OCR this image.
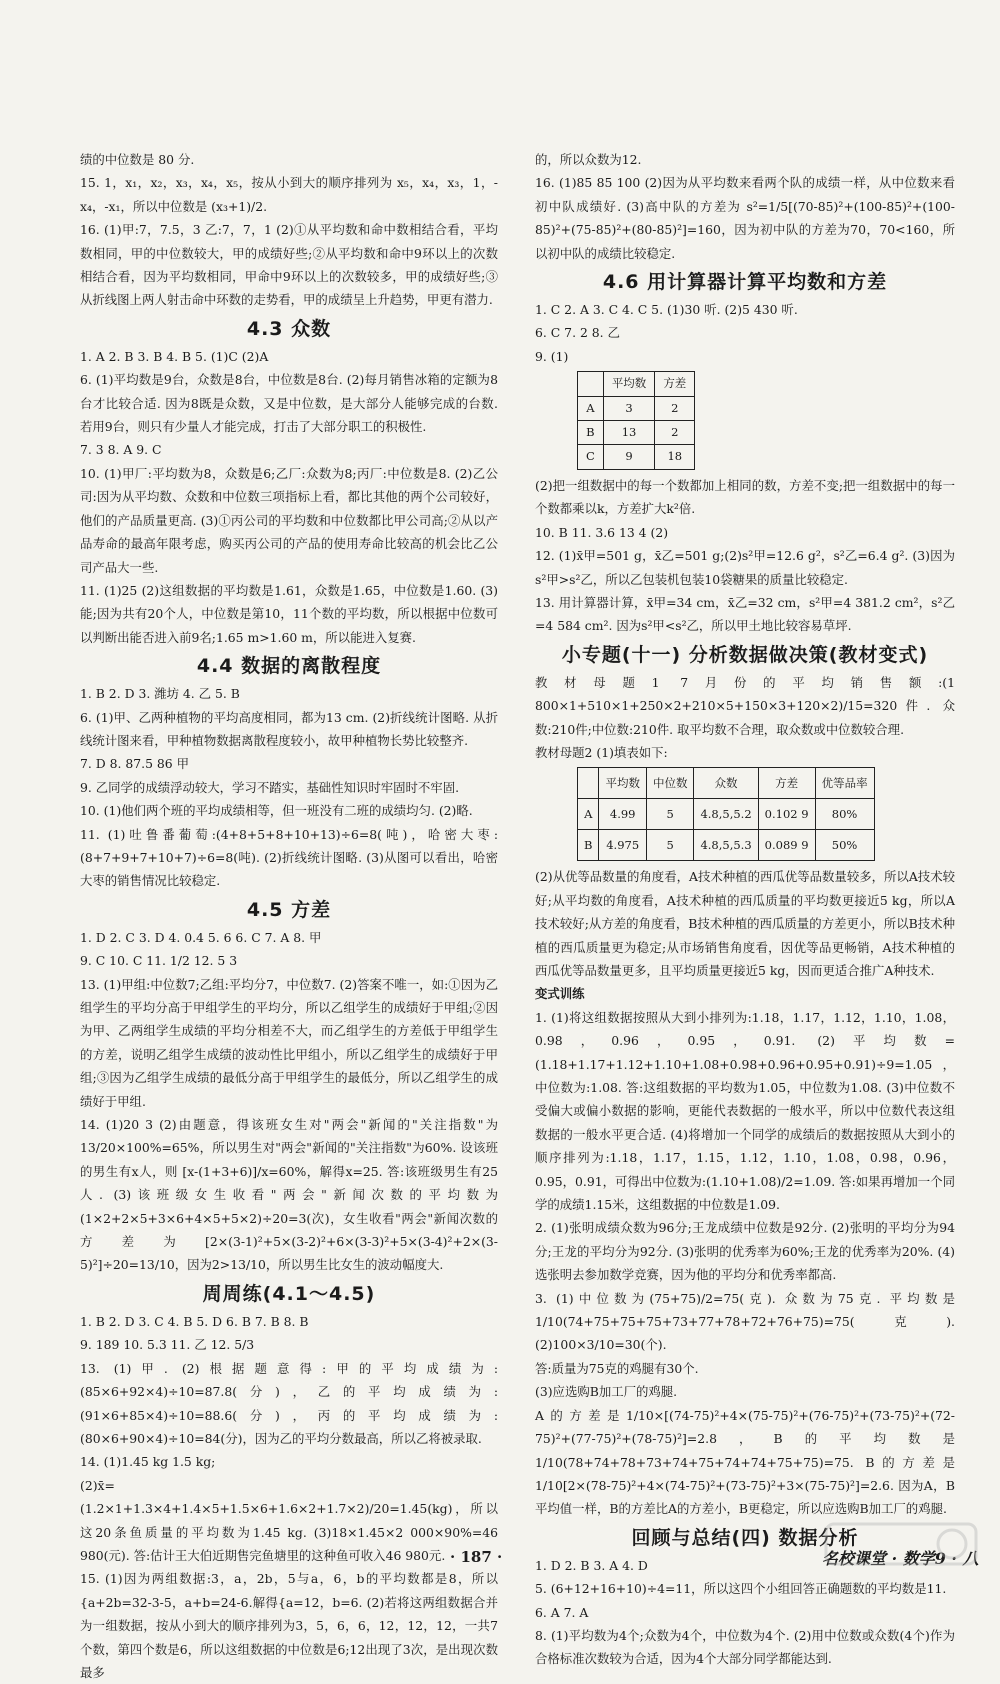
绩的中位数是 80 分.

15. 1，x₁，x₂，x₃，x₄，x₅，按从小到大的顺序排列为 x₅，x₄，x₃，1，-x₄，-x₁，所以中位数是 (x₃+1)/2.

16. (1)甲:7，7.5，3 乙:7，7，1 (2)①从平均数和命中数相结合看，平均数相同，甲的中位数较大，甲的成绩好些;②从平均数和命中9环以上的次数相结合看，因为平均数相同，甲命中9环以上的次数较多，甲的成绩好些;③从折线图上两人射击命中环数的走势看，甲的成绩呈上升趋势，甲更有潜力.

4.3 众数

1. A 2. B 3. B 4. B 5. (1)C (2)A

6. (1)平均数是9台，众数是8台，中位数是8台. (2)每月销售冰箱的定额为8台才比较合适. 因为8既是众数，又是中位数，是大部分人能够完成的台数. 若用9台，则只有少量人才能完成，打击了大部分职工的积极性.

7. 3 8. A 9. C

10. (1)甲厂:平均数为8，众数是6;乙厂:众数为8;丙厂:中位数是8. (2)乙公司:因为从平均数、众数和中位数三项指标上看，都比其他的两个公司较好，他们的产品质量更高. (3)①丙公司的平均数和中位数都比甲公司高;②从以产品寿命的最高年限考虑，购买丙公司的产品的使用寿命比较高的机会比乙公司产品大一些.

11. (1)25 (2)这组数据的平均数是1.61，众数是1.65，中位数是1.60. (3)能;因为共有20个人，中位数是第10，11个数的平均数，所以根据中位数可以判断出能否进入前9名;1.65 m>1.60 m，所以能进入复赛.

4.4 数据的离散程度

1. B 2. D 3. 潍坊 4. 乙 5. B

6. (1)甲、乙两种植物的平均高度相同，都为13 cm. (2)折线统计图略. 从折线统计图来看，甲种植物数据离散程度较小，故甲种植物长势比较整齐.

7. D 8. 87.5 86 甲

9. 乙同学的成绩浮动较大，学习不踏实，基础性知识时牢固时不牢固.

10. (1)他们两个班的平均成绩相等，但一班没有二班的成绩均匀. (2)略.

11. (1)吐鲁番葡萄:(4+8+5+8+10+13)÷6=8(吨)，哈密大枣:(8+7+9+7+10+7)÷6=8(吨). (2)折线统计图略. (3)从图可以看出，哈密大枣的销售情况比较稳定.

4.5 方差

1. D 2. C 3. D 4. 0.4 5. 6 6. C 7. A 8. 甲

9. C 10. C 11. 1/2 12. 5 3

13. (1)甲组:中位数7;乙组:平均分7，中位数7. (2)答案不唯一，如:①因为乙组学生的平均分高于甲组学生的平均分，所以乙组学生的成绩好于甲组;②因为甲、乙两组学生成绩的平均分相差不大，而乙组学生的方差低于甲组学生的方差，说明乙组学生成绩的波动性比甲组小，所以乙组学生的成绩好于甲组;③因为乙组学生成绩的最低分高于甲组学生的最低分，所以乙组学生的成绩好于甲组.

14. (1)20 3 (2)由题意，得该班女生对"两会"新闻的"关注指数"为13/20×100%=65%，所以男生对"两会"新闻的"关注指数"为60%. 设该班的男生有x人，则 [x-(1+3+6)]/x=60%，解得x=25. 答:该班级男生有25人. (3)该班级女生收看"两会"新闻次数的平均数为(1×2+2×5+3×6+4×5+5×2)÷20=3(次)，女生收看"两会"新闻次数的方差为[2×(3-1)²+5×(3-2)²+6×(3-3)²+5×(3-4)²+2×(3-5)²]÷20=13/10，因为2>13/10，所以男生比女生的波动幅度大.

周周练(4.1～4.5)

1. B 2. D 3. C 4. B 5. D 6. B 7. B 8. B

9. 189 10. 5.3 11. 乙 12. 5/3

13. (1)甲. (2)根据题意得:甲的平均成绩为:(85×6+92×4)÷10=87.8(分)，乙的平均成绩为:(91×6+85×4)÷10=88.6(分)，丙的平均成绩为:(80×6+90×4)÷10=84(分)，因为乙的平均分数最高，所以乙将被录取.

14. (1)1.45 kg 1.5 kg;

(2)x̄=(1.2×1+1.3×4+1.4×5+1.5×6+1.6×2+1.7×2)/20=1.45(kg)，所以这20条鱼质量的平均数为1.45 kg. (3)18×1.45×2 000×90%=46 980(元). 答:估计王大伯近期售完鱼塘里的这种鱼可收入46 980元.

15. (1)因为两组数据:3，a，2b，5与a，6，b的平均数都是8，所以{a+2b=32-3-5，a+b=24-6.解得{a=12，b=6. (2)若将这两组数据合并为一组数据，按从小到大的顺序排列为3，5，6，6，12，12，12，一共7个数，第四个数是6，所以这组数据的中位数是6;12出现了3次，是出现次数最多

的，所以众数为12.

16. (1)85 85 100 (2)因为从平均数来看两个队的成绩一样，从中位数来看初中队成绩好. (3)高中队的方差为 s²=1/5[(70-85)²+(100-85)²+(100-85)²+(75-85)²+(80-85)²]=160，因为初中队的方差为70，70<160，所以初中队的成绩比较稳定.

4.6 用计算器计算平均数和方差

1. C 2. A 3. C 4. C 5. (1)30 听. (2)5 430 听.

6. C 7. 2 8. 乙

9. (1)

	平均数	方差
A	3	2
B	13	2
C	9	18

(2)把一组数据中的每一个数都加上相同的数，方差不变;把一组数据中的每一个数都乘以k，方差扩大k²倍.

10. B 11. 3.6 13 4 (2)

12. (1)x̄甲=501 g，x̄乙=501 g;(2)s²甲=12.6 g²，s²乙=6.4 g². (3)因为s²甲>s²乙，所以乙包装机包装10袋糖果的质量比较稳定.

13. 用计算器计算，x̄甲=34 cm，x̄乙=32 cm，s²甲=4 381.2 cm²，s²乙=4 584 cm². 因为s²甲<s²乙，所以甲土地比较容易草坪.

小专题(十一) 分析数据做决策(教材变式)

教材母题1 7月份的平均销售额:(1 800×1+510×1+250×2+210×5+150×3+120×2)/15=320件. 众数:210件;中位数:210件. 取平均数不合理，取众数或中位数较合理.

教材母题2 (1)填表如下:

	平均数	中位数	众数	方差	优等品率
A	4.99	5	4.8,5,5.2	0.102 9	80%
B	4.975	5	4.8,5,5.3	0.089 9	50%

(2)从优等品数量的角度看，A技术种植的西瓜优等品数量较多，所以A技术较好;从平均数的角度看，A技术种植的西瓜质量的平均数更接近5 kg，所以A技术较好;从方差的角度看，B技术种植的西瓜质量的方差更小，所以B技术种植的西瓜质量更为稳定;从市场销售角度看，因优等品更畅销，A技术种植的西瓜优等品数量更多，且平均质量更接近5 kg，因而更适合推广A种技术.

变式训练

1. (1)将这组数据按照从大到小排列为:1.18，1.17，1.12，1.10，1.08，0.98，0.96，0.95，0.91. (2)平均数=(1.18+1.17+1.12+1.10+1.08+0.98+0.96+0.95+0.91)÷9=1.05，中位数为:1.08. 答:这组数据的平均数为1.05，中位数为1.08. (3)中位数不受偏大或偏小数据的影响，更能代表数据的一般水平，所以中位数代表这组数据的一般水平更合适. (4)将增加一个同学的成绩后的数据按照从大到小的顺序排列为:1.18，1.17，1.15，1.12，1.10，1.08，0.98，0.96，0.95，0.91，可得出中位数为:(1.10+1.08)/2=1.09. 答:如果再增加一个同学的成绩1.15米，这组数据的中位数是1.09.

2. (1)张明成绩众数为96分;王龙成绩中位数是92分. (2)张明的平均分为94分;王龙的平均分为92分. (3)张明的优秀率为60%;王龙的优秀率为20%. (4)选张明去参加数学竞赛，因为他的平均分和优秀率都高.

3. (1)中位数为(75+75)/2=75(克). 众数为75克. 平均数是1/10(74+75+75+75+73+77+78+72+76+75)=75(克). (2)100×3/10=30(个).

答:质量为75克的鸡腿有30个.

(3)应选购B加工厂的鸡腿.

A的方差是1/10×[(74-75)²+4×(75-75)²+(76-75)²+(73-75)²+(72-75)²+(77-75)²+(78-75)²]=2.8，B的平均数是1/10(78+74+78+73+74+75+74+74+75+75)=75. B的方差是1/10[2×(78-75)²+4×(74-75)²+(73-75)²+3×(75-75)²]=2.6. 因为A，B平均值一样，B的方差比A的方差小，B更稳定，所以应选购B加工厂的鸡腿.

回顾与总结(四) 数据分析

1. D 2. B 3. A 4. D

5. (6+12+16+10)÷4=11，所以这四个小组回答正确题数的平均数是11.

6. A 7. A

8. (1)平均数为4个;众数为4个，中位数为4个. (2)用中位数或众数(4个)作为合格标准次数较为合适，因为4个大部分同学都能达到.

· 187 ·	名校课堂 · 数学9 · 八
